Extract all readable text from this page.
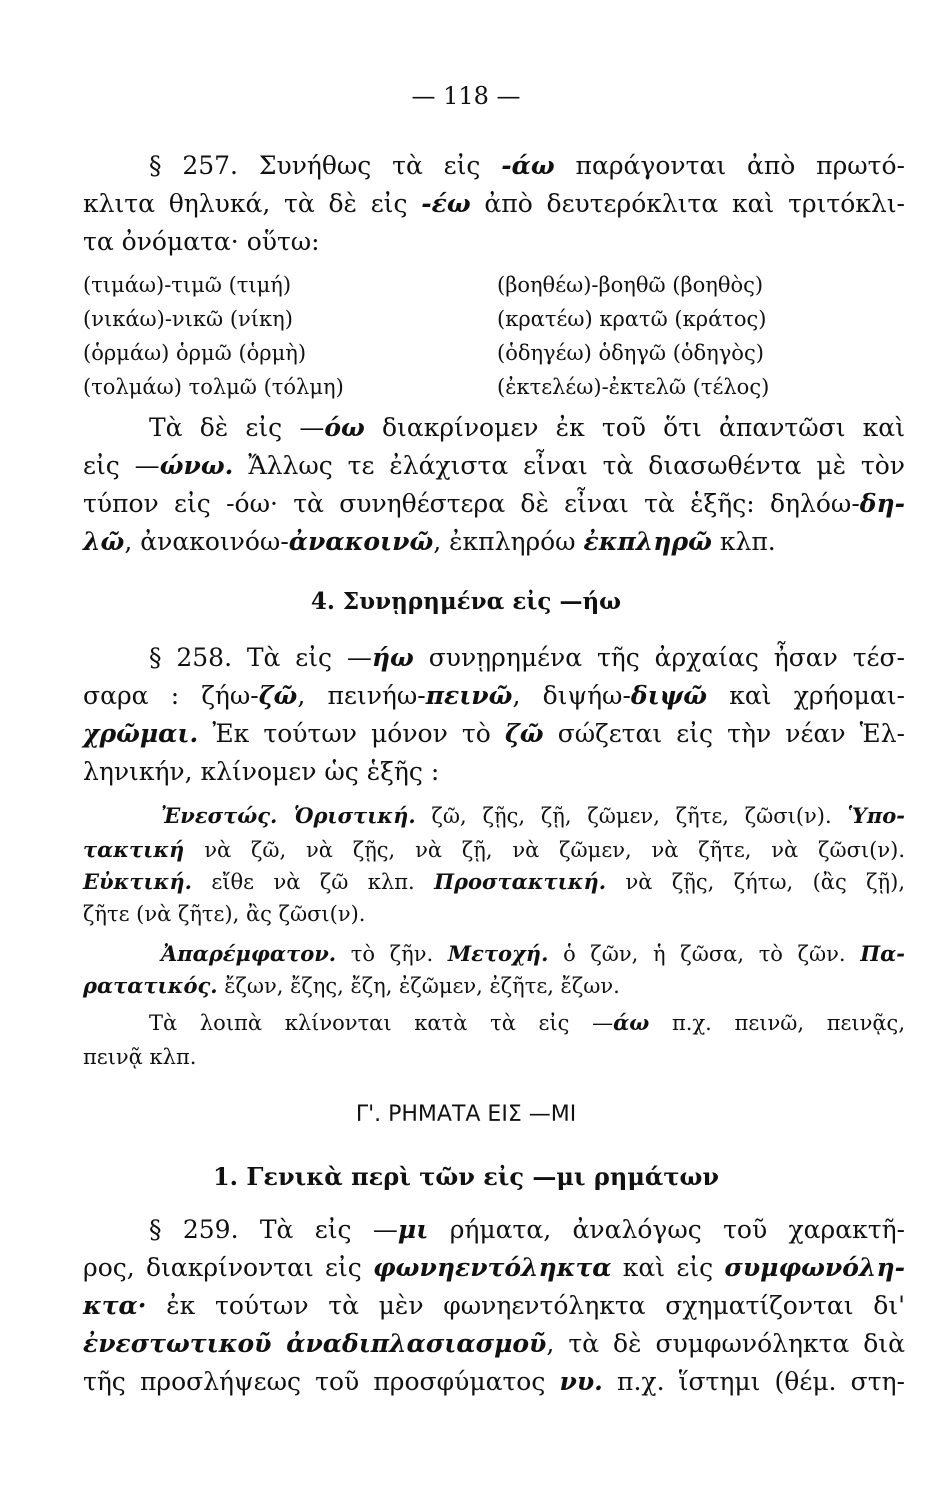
— 118 —
§ 257. Συνήθως τὰ εἰς -άω παράγονται ἀπὸ πρωτό-
κλιτα θηλυκά, τὰ δὲ εἰς -έω ἀπὸ δευτερόκλιτα καὶ τριτόκλι-
τα ὀνόματα· οὕτω:
(τιμάω)-τιμῶ (τιμή)
(νικάω)-νικῶ (νίκη)
(ὁρμάω) ὁρμῶ (ὁρμὴ)
(τολμάω) τολμῶ (τόλμη)
(βοηθέω)-βοηθῶ (βοηθὸς)
(κρατέω) κρατῶ (κράτος)
(ὁδηγέω) ὁδηγῶ (ὁδηγὸς)
(ἐκτελέω)-ἐκτελῶ (τέλος)
Τὰ δὲ εἰς —όω διακρίνομεν ἐκ τοῦ ὅτι ἀπαντῶσι καὶ
εἰς —ώνω. Ἄλλως τε ἐλάχιστα εἶναι τὰ διασωθέντα μὲ τὸν
τύπον εἰς -όω· τὰ συνηθέστερα δὲ εἶναι τὰ ἑξῆς: δηλόω-δη-
λῶ, ἀνακοινόω-ἀνακοινῶ, ἐκπληρόω ἐκπληρῶ κλπ.
4. Συνῃρημένα εἰς —ήω
§ 258. Τὰ εἰς —ήω συνῃρημένα τῆς ἀρχαίας ἦσαν τέσ-
σαρα : ζήω-ζῶ, πεινήω-πεινῶ, διψήω-διψῶ καὶ χρήομαι-
χρῶμαι. Ἐκ τούτων μόνον τὸ ζῶ σώζεται εἰς τὴν νέαν Ἑλ-
ληνικήν, κλίνομεν ὡς ἑξῆς :
Ἐνεστώς. Ὁριστική. ζῶ, ζῇς, ζῇ, ζῶμεν, ζῆτε, ζῶσι(ν). Ὑπο-
τακτική νὰ ζῶ, νὰ ζῇς, νὰ ζῇ, νὰ ζῶμεν, νὰ ζῆτε, νὰ ζῶσι(ν).
Εὐκτική. εἴθε νὰ ζῶ κλπ. Προστακτική. νὰ ζῇς, ζήτω, (ἂς ζῇ),
ζῆτε (νὰ ζῆτε), ἂς ζῶσι(ν).
Ἀπαρέμφατον. τὸ ζῆν. Μετοχή. ὁ ζῶν, ἡ ζῶσα, τὸ ζῶν. Πα-
ρατατικός. ἔζων, ἔζης, ἔζη, ἐζῶμεν, ἐζῆτε, ἔζων.
Τὰ λοιπὰ κλίνονται κατὰ τὰ εἰς —άω π.χ. πεινῶ, πεινᾷς,
πεινᾷ κλπ.
Γ'. ΡΗΜΑΤΑ ΕΙΣ —ΜΙ
1. Γενικὰ περὶ τῶν εἰς —μι ρημάτων
§ 259. Τὰ εἰς —μι ρήματα, ἀναλόγως τοῦ χαρακτῆ-
ρος, διακρίνονται εἰς φωνηεντόληκτα καὶ εἰς συμφωνόλη-
κτα· ἐκ τούτων τὰ μὲν φωνηεντόληκτα σχηματίζονται δι'
ἐνεστωτικοῦ ἀναδιπλασιασμοῦ, τὰ δὲ συμφωνόληκτα διὰ
τῆς προσλήψεως τοῦ προσφύματος νυ. π.χ. ἵστημι (θέμ. στη-
